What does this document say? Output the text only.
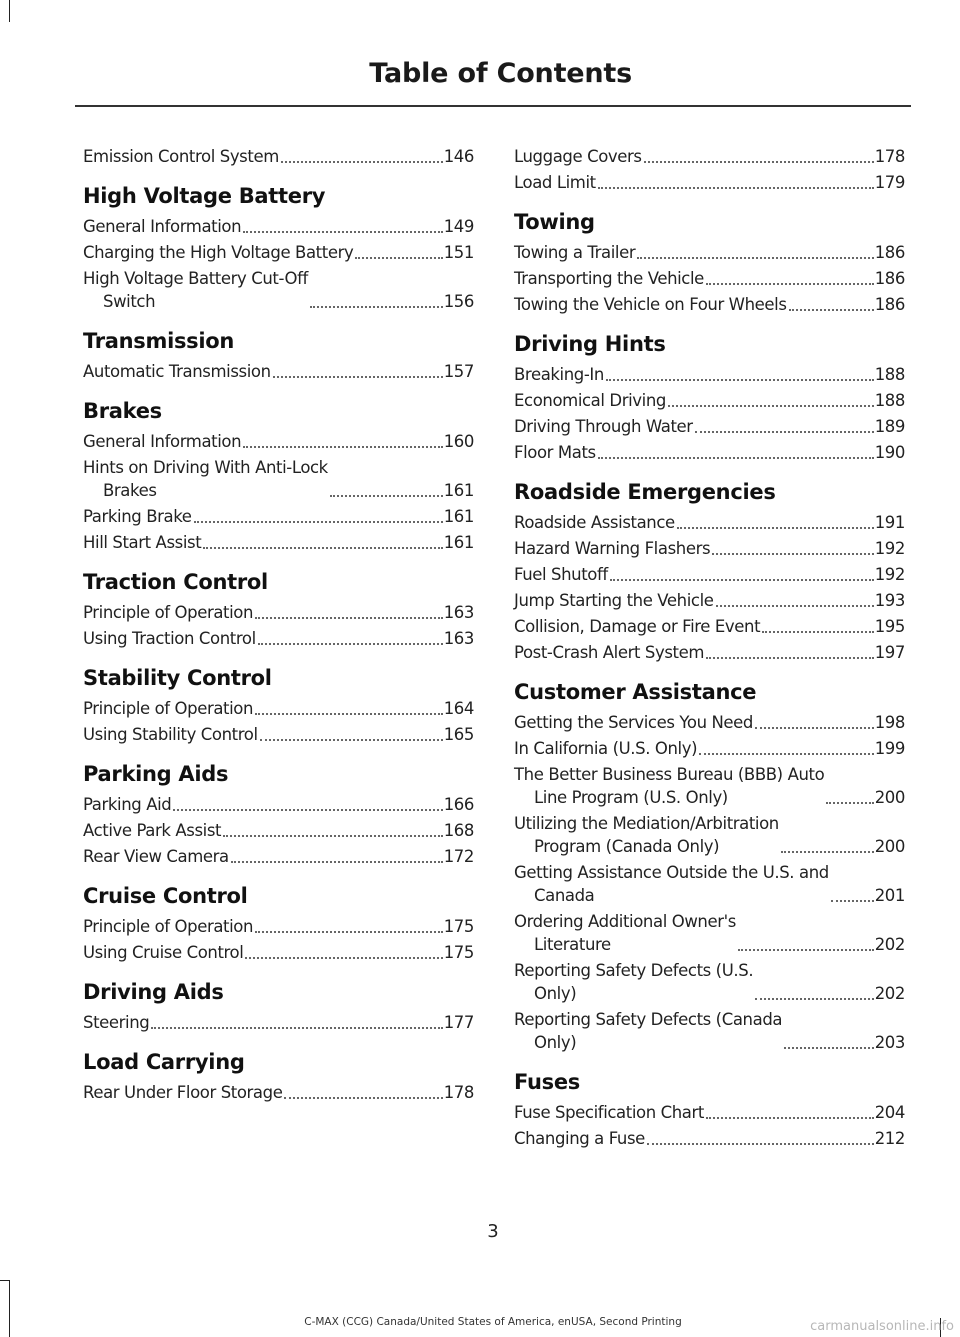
Table of Contents
Emission Control System	146
High Voltage Battery
General Information	149
Charging the High Voltage Battery	151
High Voltage Battery Cut-Off
Switch	156
Transmission
Automatic Transmission	157
Brakes
General Information	160
Hints on Driving With Anti-Lock
Brakes	161
Parking Brake	161
Hill Start Assist	161
Traction Control
Principle of Operation	163
Using Traction Control	163
Stability Control
Principle of Operation	164
Using Stability Control	165
Parking Aids
Parking Aid	166
Active Park Assist	168
Rear View Camera	172
Cruise Control
Principle of Operation	175
Using Cruise Control	175
Driving Aids
Steering	177
Load Carrying
Rear Under Floor Storage	178
Luggage Covers	178
Load Limit	179
Towing
Towing a Trailer	186
Transporting the Vehicle	186
Towing the Vehicle on Four Wheels	186
Driving Hints
Breaking-In	188
Economical Driving	188
Driving Through Water	189
Floor Mats	190
Roadside Emergencies
Roadside Assistance	191
Hazard Warning Flashers	192
Fuel Shutoff	192
Jump Starting the Vehicle	193
Collision, Damage or Fire Event	195
Post-Crash Alert System	197
Customer Assistance
Getting the Services You Need	198
In California (U.S. Only)	199
The Better Business Bureau (BBB) Auto
Line Program (U.S. Only)	200
Utilizing the Mediation/Arbitration
Program (Canada Only)	200
Getting Assistance Outside the U.S. and
Canada	201
Ordering Additional Owner's
Literature	202
Reporting Safety Defects (U.S.
Only)	202
Reporting Safety Defects (Canada
Only)	203
Fuses
Fuse Specification Chart	204
Changing a Fuse	212
3
C-MAX (CCG) Canada/United States of America, enUSA, Second Printing	carmanualsonline.info
